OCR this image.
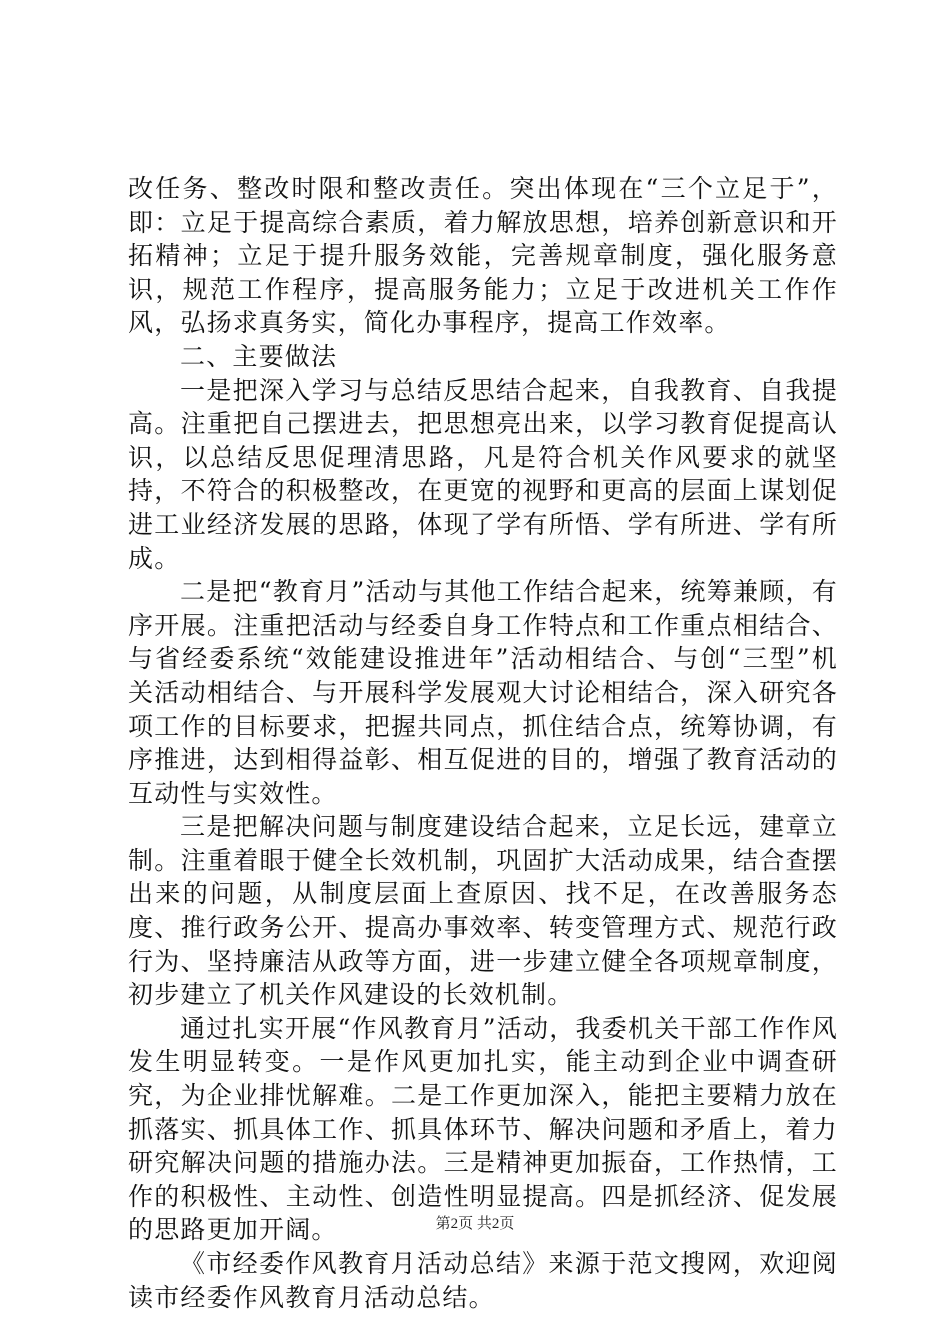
改任务、整改时限和整改责任。突出体现在“三个立足于”，即：立足于提高综合素质，着力解放思想，培养创新意识和开拓精神；立足于提升服务效能，完善规章制度，强化服务意识，规范工作程序，提高服务能力；立足于改进机关工作作风，弘扬求真务实，简化办事程序，提高工作效率。

二、主要做法

一是把深入学习与总结反思结合起来，自我教育、自我提高。注重把自己摆进去，把思想亮出来，以学习教育促提高认识，以总结反思促理清思路，凡是符合机关作风要求的就坚持，不符合的积极整改，在更宽的视野和更高的层面上谋划促进工业经济发展的思路，体现了学有所悟、学有所进、学有所成。

二是把“教育月”活动与其他工作结合起来，统筹兼顾，有序开展。注重把活动与经委自身工作特点和工作重点相结合、与省经委系统“效能建设推进年”活动相结合、与创“三型”机关活动相结合、与开展科学发展观大讨论相结合，深入研究各项工作的目标要求，把握共同点，抓住结合点，统筹协调，有序推进，达到相得益彰、相互促进的目的，增强了教育活动的互动性与实效性。

三是把解决问题与制度建设结合起来，立足长远，建章立制。注重着眼于健全长效机制，巩固扩大活动成果，结合查摆出来的问题，从制度层面上查原因、找不足，在改善服务态度、推行政务公开、提高办事效率、转变管理方式、规范行政行为、坚持廉洁从政等方面，进一步建立健全各项规章制度，初步建立了机关作风建设的长效机制。

通过扎实开展“作风教育月”活动，我委机关干部工作作风发生明显转变。一是作风更加扎实，能主动到企业中调查研究，为企业排忧解难。二是工作更加深入，能把主要精力放在抓落实、抓具体工作、抓具体环节、解决问题和矛盾上，着力研究解决问题的措施办法。三是精神更加振奋，工作热情，工作的积极性、主动性、创造性明显提高。四是抓经济、促发展的思路更加开阔。

《市经委作风教育月活动总结》来源于范文搜网，欢迎阅读市经委作风教育月活动总结。

第2页 共2页
